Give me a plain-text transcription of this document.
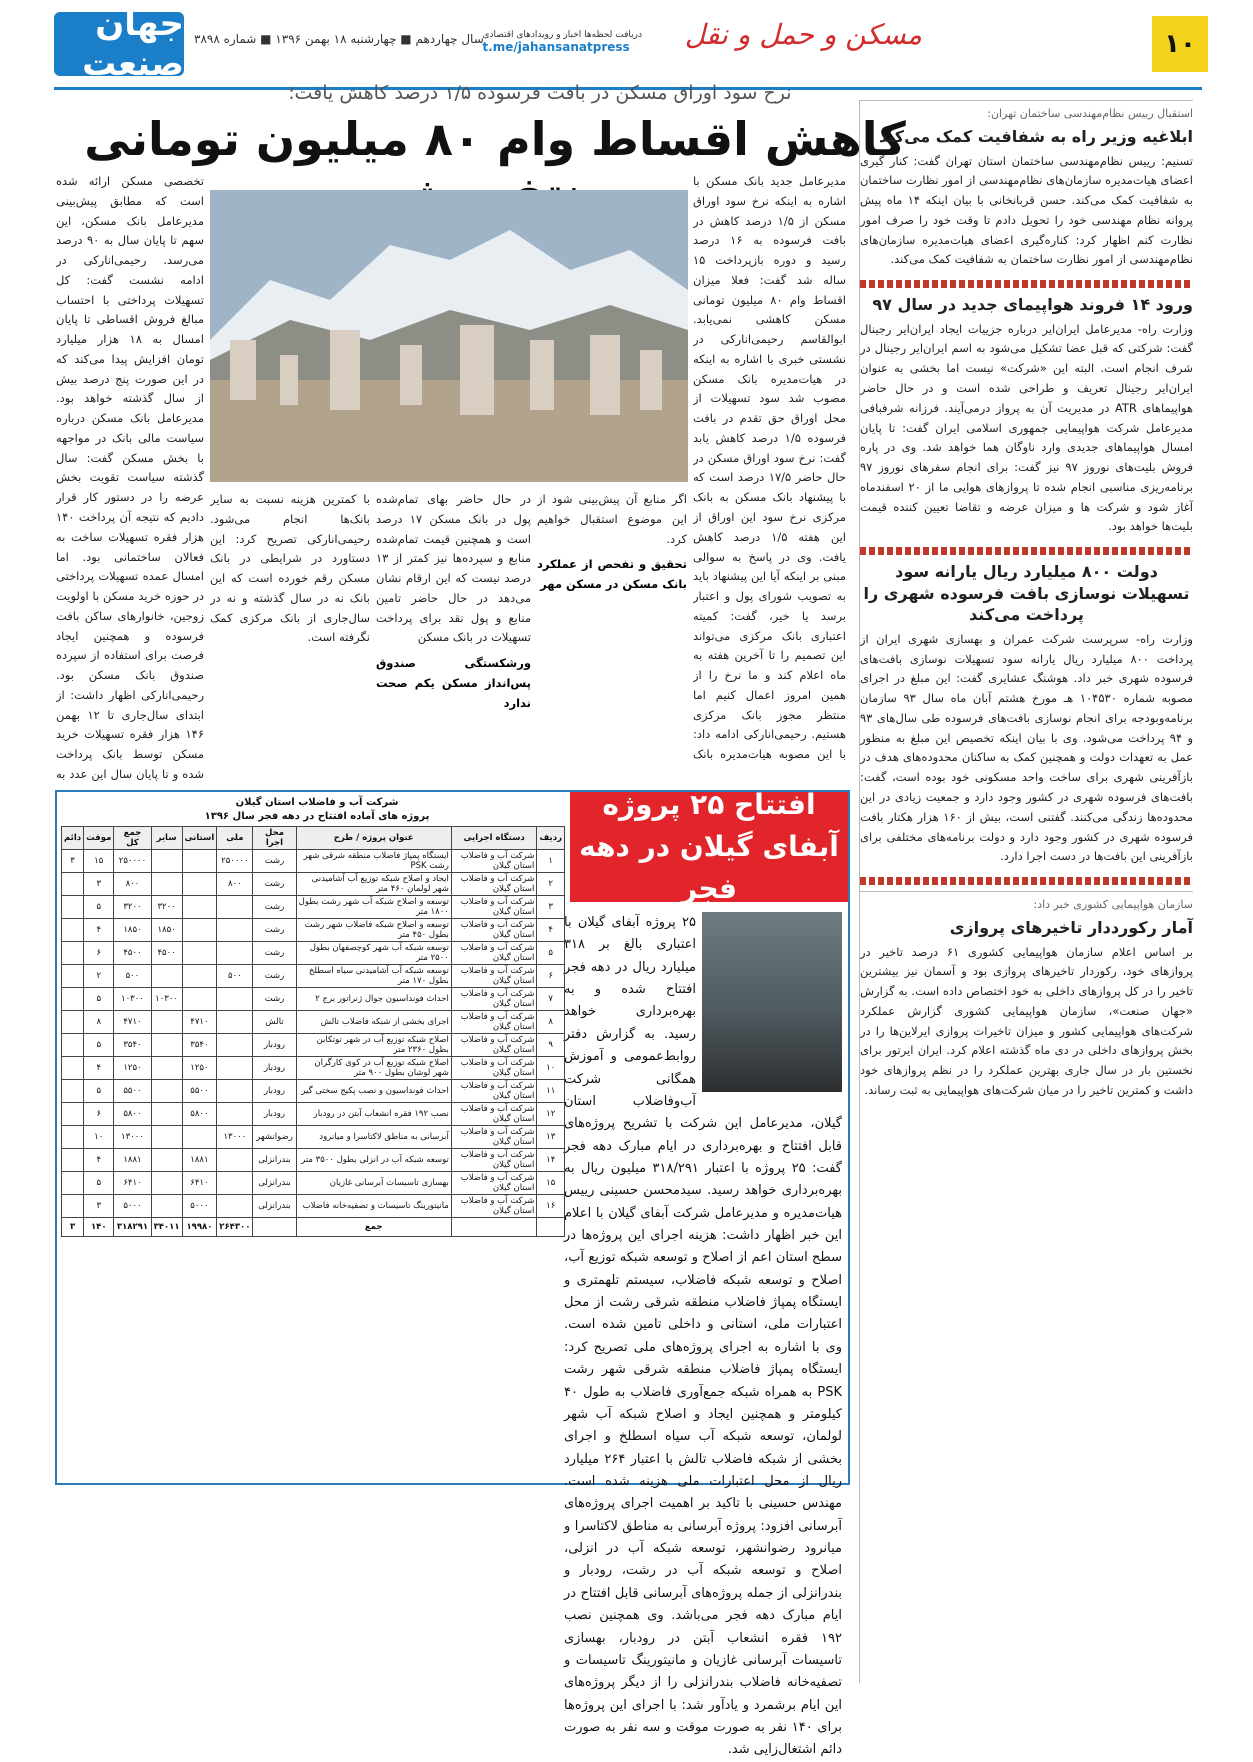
۱۰
مسکن و حمل و نقل
دریافت لحظه‌ها اخبار و رویدادهای اقتصادی
t.me/jahansanatpress
سال چهاردهم ■ چهارشنبه ۱۸ بهمن ۱۳۹۶ ■ شماره ۳۸۹۸
جهان صنعت
نرخ سود اوراق مسکن در بافت فرسوده ۱/۵ درصد کاهش یافت؛
کاهش اقساط وام ۸۰ میلیون تومانی
مدیرعامل جدید بانک مسکن با اشاره به اینکه نرخ سود اوراق مسکن از ۱/۵ درصد کاهش در بافت فرسوده به ۱۶ درصد رسید و دوره بازپرداخت ۱۵ ساله شد گفت: فعلا میزان اقساط وام ۸۰ میلیون تومانی مسکن کاهشی نمی‌یابد. ابوالقاسم رحیمی‌انارکی در نشستی خبری با اشاره به اینکه در هیات‌مدیره بانک مسکن مصوب شد سود تسهیلات از محل اوراق حق تقدم در بافت فرسوده ۱/۵ درصد کاهش یابد گفت: نرخ سود اوراق مسکن در حال حاضر ۱۷/۵ درصد است که با پیشنهاد بانک مسکن به بانک مرکزی نرخ سود این اوراق از این هفته ۱/۵ درصد کاهش یافت. وی در پاسخ به سوالی مبنی بر اینکه آیا این پیشنهاد باید به تصویب شورای پول و اعتبار برسد یا خیر، گفت: کمیته اعتباری بانک مرکزی می‌تواند این تصمیم را تا آخرین هفته به ماه اعلام کند و ما نرخ را از همین امروز اعمال کنیم اما منتظر مجوز بانک مرکزی هستیم. رحیمی‌انارکی ادامه داد: با این مصوبه هیات‌مدیره بانک
تخصصی مسکن ارائه شده است که مطابق پیش‌بینی مدیرعامل بانک مسکن، این سهم تا پایان سال به ۹۰ درصد می‌رسد. رحیمی‌انارکی در ادامه نشست گفت: کل تسهیلات پرداختی با احتساب مبالغ فروش اقساطی تا پایان امسال به ۱۸ هزار میلیارد تومان افزایش پیدا می‌کند که در این صورت پنج درصد بیش از سال گذشته خواهد بود. مدیرعامل بانک مسکن درباره سیاست مالی بانک در مواجهه با بخش مسکن گفت: سال گذشته سیاست تقویت بخش عرضه را در دستور کار قرار دادیم که نتیجه آن پرداخت ۱۴۰ هزار فقره تسهیلات ساخت به فعالان ساختمانی بود. اما امسال عمده تسهیلات پرداختی در حوزه خرید مسکن با اولویت زوجین، خانوارهای ساکن بافت فرسوده و همچنین ایجاد فرصت برای استفاده از سپرده صندوق بانک مسکن بود. رحیمی‌انارکی اظهار داشت: از ابتدای سال‌جاری تا ۱۲ بهمن ۱۴۶ هزار فقره تسهیلات خرید مسکن توسط بانک پرداخت شده و تا پایان سال این عدد به
اگر منابع آن پیش‌بینی شود از این موضوع استقبال خواهیم کرد.
تحقیق و تفحص از عملکرد بانک مسکن در مسکن مهر
در حال حاضر بهای تمام‌شده پول در بانک مسکن ۱۷ درصد است و همچنین قیمت تمام‌شده منابع و سپرده‌ها نیز کمتر از ۱۳ درصد نیست که این ارقام نشان می‌دهد در حال حاضر تامین منابع و پول نقد برای پرداخت تسهیلات در بانک مسکن
ورشکستگی صندوق پس‌انداز مسکن یکم صحت ندارد
با کمترین هزینه نسبت به سایر بانک‌ها انجام می‌شود. رحیمی‌انارکی تصریح کرد: این دستاورد در شرایطی در بانک مسکن رقم خورده است که این بانک نه در سال گذشته و نه در سال‌جاری از بانک مرکزی کمک نگرفته است.
استقبال رییس نظام‌مهندسی ساختمان تهران:
ابلاغیه وزیر راه به شفافیت کمک می‌کند
تسنیم: رییس نظام‌مهندسی ساختمان استان تهران گفت: کنار گیری اعضای هیات‌مدیره سازمان‌های نظام‌مهندسی از امور نظارت ساختمان به شفافیت کمک می‌کند. حسن قربانخانی با بیان اینکه ۱۴ ماه پیش پروانه نظام مهندسی خود را تحویل دادم تا وقت خود را صرف امور نظارت کنم اظهار کرد: کناره‌گیری اعضای هیات‌مدیره سازمان‌های نظام‌مهندسی از امور نظارت ساختمان به شفافیت کمک می‌کند.
ورود ۱۴ فروند هواپیمای جدید در سال ۹۷
وزارت راه- مدیرعامل ایران‌ایر درباره جزییات ایجاد ایران‌ایر رجینال گفت: شرکتی که قبل عضا تشکیل می‌شود به اسم ایران‌ایر رجینال در شرف انجام است. البته این «شرکت» نیست اما بخشی به عنوان ایران‌ایر رجینال تعریف و طراحی شده است و در حال حاضر هواپیماهای ATR در مدیریت آن به پرواز درمی‌آیند. فرزانه شرفبافی مدیرعامل شرکت هواپیمایی جمهوری اسلامی ایران گفت: تا پایان امسال هواپیماهای جدیدی وارد ناوگان هما خواهد شد. وی در پاره فروش بلیت‌های نوروز ۹۷ نیز گفت: برای انجام سفرهای نوروز ۹۷ برنامه‌ریزی مناسبی انجام شده تا پروازهای هوایی ما از ۲۰ اسفندماه آغاز شود و شرکت ها و میزان عرضه و تقاضا تعیین کننده قیمت بلیت‌ها خواهد بود.
دولت ۸۰۰ میلیارد ریال یارانه سود تسهیلات نوسازی بافت فرسوده شهری را پرداخت می‌کند
وزارت راه- سرپرست شرکت عمران و بهسازی شهری ایران از پرداخت ۸۰۰ میلیارد ریال یارانه سود تسهیلات نوسازی بافت‌های فرسوده شهری خبر داد. هوشنگ عشایری گفت: این مبلغ در اجرای مصوبه شماره ۱۰۴۵۳۰ هـ مورخ هشتم آبان ماه سال ۹۳ سازمان برنامه‌وبودجه برای انجام نوسازی بافت‌های فرسوده طی سال‌های ۹۳ و ۹۴ پرداخت می‌شود. وی با بیان اینکه تخصیص این مبلغ به منظور عمل به تعهدات دولت و همچنین کمک به ساکنان محدوده‌های هدف در بازآفرینی شهری برای ساخت واحد مسکونی خود بوده است، گفت: بافت‌های فرسوده شهری در کشور وجود دارد و جمعیت زیادی در این محدوده‌ها زندگی می‌کنند. گفتنی است، بیش از ۱۶۰ هزار هکتار بافت فرسوده شهری در کشور وجود دارد و دولت برنامه‌های مختلفی برای بازآفرینی این بافت‌ها در دست اجرا دارد.
سازمان هواپیمایی کشوری خبر داد:
آمار رکورددار تاخیرهای پروازی
بر اساس اعلام سازمان هواپیمایی کشوری ۶۱ درصد تاخیر در پروازهای خود، رکوردار تاخیرهای پروازی بود و آسمان نیز بیشترین تاخیر را در کل پروازهای داخلی به خود اختصاص داده است. به گزارش «جهان صنعت»، سازمان هواپیمایی کشوری گزارش عملکرد شرکت‌های هواپیمایی کشور و میزان تاخیرات پروازی ایرلاین‌ها را در بخش پروازهای داخلی در دی ماه گذشته اعلام کرد. ایران ایرتور برای نخستین بار در سال جاری بهترین عملکرد را در نظم پروازهای خود داشت و کمترین تاخیر را در میان شرکت‌های هواپیمایی به ثبت رساند.
افتتاح ۲۵ پروژه آبفای گیلان در دهه فجر
۲۵ پروژه آبفای گیلان با اعتباری بالغ بر ۳۱۸ میلیارد ریال در دهه فجر افتتاح شده و به بهره‌برداری خواهد رسید. به گزارش دفتر روابط‌عمومی و آموزش همگانی شرکت آب‌وفاضلاب استان گیلان، مدیرعامل این شرکت با تشریح پروژه‌های قابل افتتاح و بهره‌برداری در ایام مبارک دهه فجر گفت: ۲۵ پروژه با اعتبار ۳۱۸/۲۹۱ میلیون ریال به بهره‌برداری خواهد رسید. سیدمحسن حسینی رییس هیات‌مدیره و مدیرعامل شرکت آبفای گیلان با اعلام این خبر اظهار داشت: هزینه اجرای این پروژه‌ها در سطح استان اعم از اصلاح و توسعه شبکه توزیع آب، اصلاح و توسعه شبکه فاضلاب، سیستم تلهمتری و ایستگاه پمپاژ فاضلاب منطقه شرقی رشت از محل اعتبارات ملی، استانی و داخلی تامین شده است. وی با اشاره به اجرای پروژه‌های ملی تصریح کرد: ایستگاه پمپاژ فاضلاب منطقه شرقی شهر رشت PSK به همراه شبکه جمع‌آوری فاضلاب به طول ۴۰ کیلومتر و همچنین ایجاد و اصلاح شبکه آب شهر لولمان، توسعه شبکه آب سیاه اسطلخ و اجرای بخشی از شبکه فاضلاب تالش با اعتبار ۲۶۴ میلیارد ریال از محل اعتبارات ملی هزینه شده است. مهندس حسینی با تاکید بر اهمیت اجرای پروژه‌های آبرسانی افزود: پروژه آبرسانی به مناطق لاکتاسرا و میانرود رضوانشهر، توسعه شبکه آب در انزلی، اصلاح و توسعه شبکه آب در رشت، رودبار و بندرانزلی از جمله پروژه‌های آبرسانی قابل افتتاح در ایام مبارک دهه فجر می‌باشد. وی همچنین نصب ۱۹۲ فقره انشعاب آبتن در رودبار، بهسازی تاسیسات آبرسانی غازیان و مانیتورینگ تاسیسات و تصفیه‌خانه فاضلاب بندرانزلی را از دیگر پروژه‌های این ایام برشمرد و یادآور شد: با اجرای این پروژه‌ها برای ۱۴۰ نفر به صورت موقت و سه نفر به صورت دائم اشتغال‌زایی شد.
شرکت آب و فاضلاب استان گیلان
پروژه های آماده افتتاح در دهه فجر سال ۱۳۹۶
ردیف	دستگاه اجرایی	عنوان پروژه / طرح	محل اجرا	ملی	استانی	سایر	جمع کل	موقت	دائم
۱	شرکت آب و فاضلاب استان گیلان	ایستگاه پمپاژ فاضلاب منطقه شرقی شهر رشت PSK	رشت	۲۵۰۰۰۰			۲۵۰۰۰۰	۱۵	۳
۲	شرکت آب و فاضلاب استان گیلان	ایجاد و اصلاح شبکه توزیع آب آشامیدنی شهر لولمان ۴۶۰ متر	رشت	۸۰۰			۸۰۰	۳	
۳	شرکت آب و فاضلاب استان گیلان	توسعه و اصلاح شبکه آب شهر رشت بطول ۱۸۰۰ متر	رشت			۳۲۰۰	۳۲۰۰	۵	
۴	شرکت آب و فاضلاب استان گیلان	توسعه و اصلاح شبکه فاضلاب شهر رشت بطول ۴۵۰ متر	رشت			۱۸۵۰	۱۸۵۰	۴	
۵	شرکت آب و فاضلاب استان گیلان	توسعه شبکه آب شهر کوچصفهان بطول ۲۵۰۰ متر	رشت			۴۵۰۰	۴۵۰۰	۶	
۶	شرکت آب و فاضلاب استان گیلان	توسعه شبکه آب آشامیدنی سیاه اسطلخ بطول ۱۷۰ متر	رشت	۵۰۰			۵۰۰	۲	
۷	شرکت آب و فاضلاب استان گیلان	احداث فونداسیون جوال ژنراتور برج ۲	رشت			۱۰۳۰۰	۱۰۳۰۰	۵	
۸	شرکت آب و فاضلاب استان گیلان	اجرای بخشی از شبکه فاضلاب تالش	تالش		۴۷۱۰		۴۷۱۰	۸	
۹	شرکت آب و فاضلاب استان گیلان	اصلاح شبکه توزیع آب در شهر توتکابن بطول ۲۳۶۰ متر	رودبار		۳۵۴۰		۳۵۴۰	۵	
۱۰	شرکت آب و فاضلاب استان گیلان	اصلاح شبکه توزیع آب در کوی کارگران شهر لوشان بطول ۹۰۰ متر	رودبار		۱۲۵۰		۱۲۵۰	۴	
۱۱	شرکت آب و فاضلاب استان گیلان	احداث فونداسیون و نصب پکیج سختی گیر	رودبار		۵۵۰۰		۵۵۰۰	۵	
۱۲	شرکت آب و فاضلاب استان گیلان	نصب ۱۹۲ فقره انشعاب آبتن در رودبار	رودبار		۵۸۰۰		۵۸۰۰	۶	
۱۳	شرکت آب و فاضلاب استان گیلان	آبرسانی به مناطق لاکتاسرا و میانرود	رضوانشهر	۱۳۰۰۰			۱۳۰۰۰	۱۰	
۱۴	شرکت آب و فاضلاب استان گیلان	توسعه شبکه آب در انزلی بطول ۳۵۰۰ متر	بندرانزلی		۱۸۸۱		۱۸۸۱	۴	
۱۵	شرکت آب و فاضلاب استان گیلان	بهسازی تاسیسات آبرسانی غازیان	بندرانزلی		۶۴۱۰		۶۴۱۰	۵	
۱۶	شرکت آب و فاضلاب استان گیلان	مانیتورینگ تاسیسات و تصفیه‌خانه فاضلاب	بندرانزلی		۵۰۰۰		۵۰۰۰	۳	
		جمع		۲۶۴۳۰۰	۱۹۹۸۰	۳۴۰۱۱	۳۱۸۲۹۱	۱۴۰	۳
